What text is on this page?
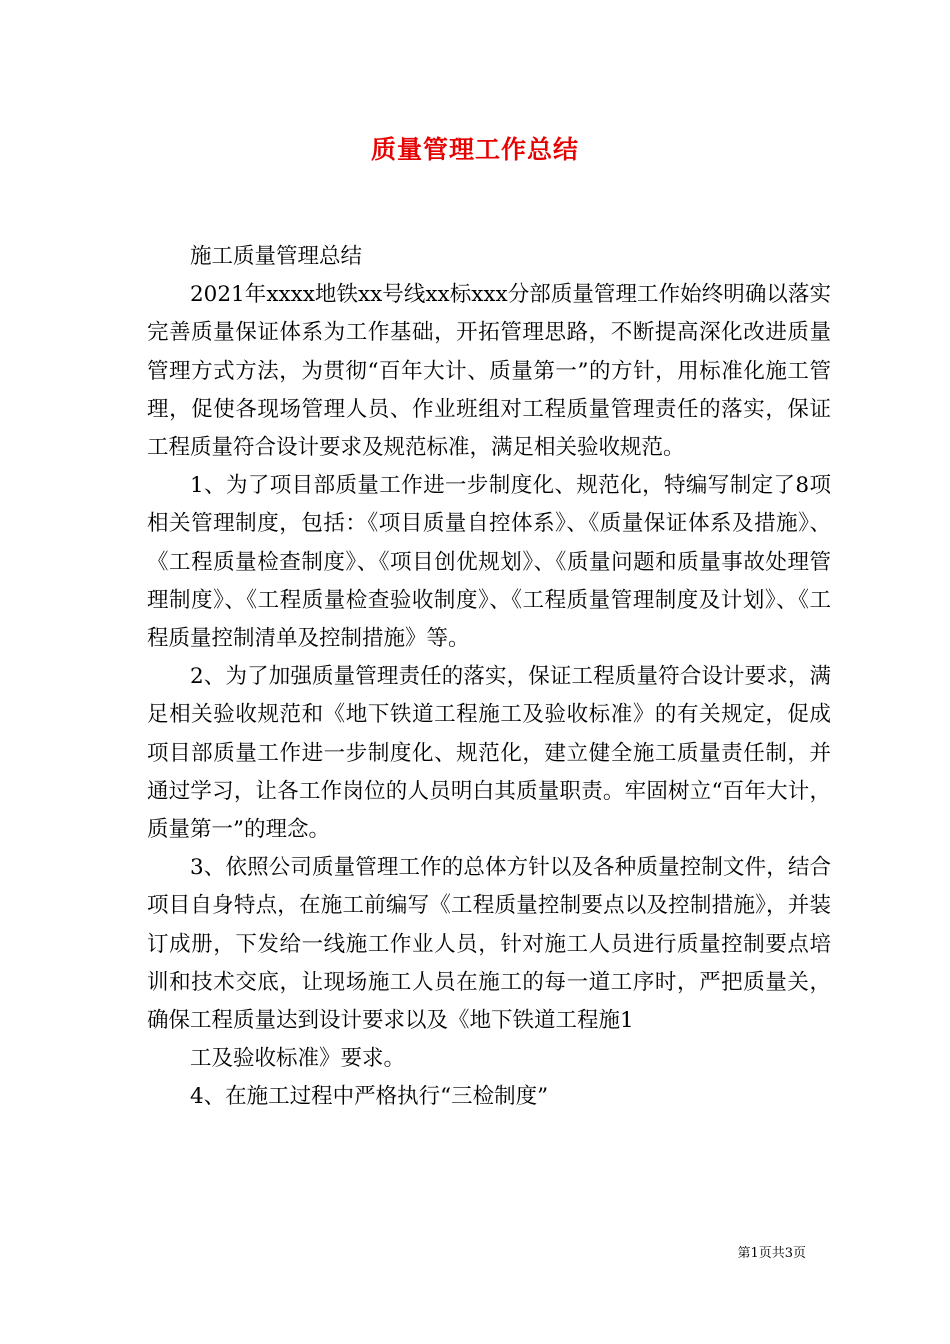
质量管理工作总结

施工质量管理总结

2021年xxxx地铁xx号线xx标xxx分部质量管理工作始终明确以落实完善质量保证体系为工作基础，开拓管理思路，不断提高深化改进质量管理方式方法，为贯彻“百年大计、质量第一”的方针，用标准化施工管理，促使各现场管理人员、作业班组对工程质量管理责任的落实，保证工程质量符合设计要求及规范标准，满足相关验收规范。

1、为了项目部质量工作进一步制度化、规范化，特编写制定了8项相关管理制度，包括：《项目质量自控体系》、《质量保证体系及措施》、《工程质量检查制度》、《项目创优规划》、《质量问题和质量事故处理管理制度》、《工程质量检查验收制度》、《工程质量管理制度及计划》、《工程质量控制清单及控制措施》等。

2、为了加强质量管理责任的落实，保证工程质量符合设计要求，满足相关验收规范和《地下铁道工程施工及验收标准》的有关规定，促成项目部质量工作进一步制度化、规范化，建立健全施工质量责任制，并通过学习，让各工作岗位的人员明白其质量职责。牢固树立“百年大计，质量第一”的理念。

3、依照公司质量管理工作的总体方针以及各种质量控制文件，结合项目自身特点，在施工前编写《工程质量控制要点以及控制措施》，并装订成册，下发给一线施工作业人员，针对施工人员进行质量控制要点培训和技术交底，让现场施工人员在施工的每一道工序时，严把质量关，确保工程质量达到设计要求以及《地下铁道工程施1

工及验收标准》要求。

4、在施工过程中严格执行“三检制度”

第1页共3页
